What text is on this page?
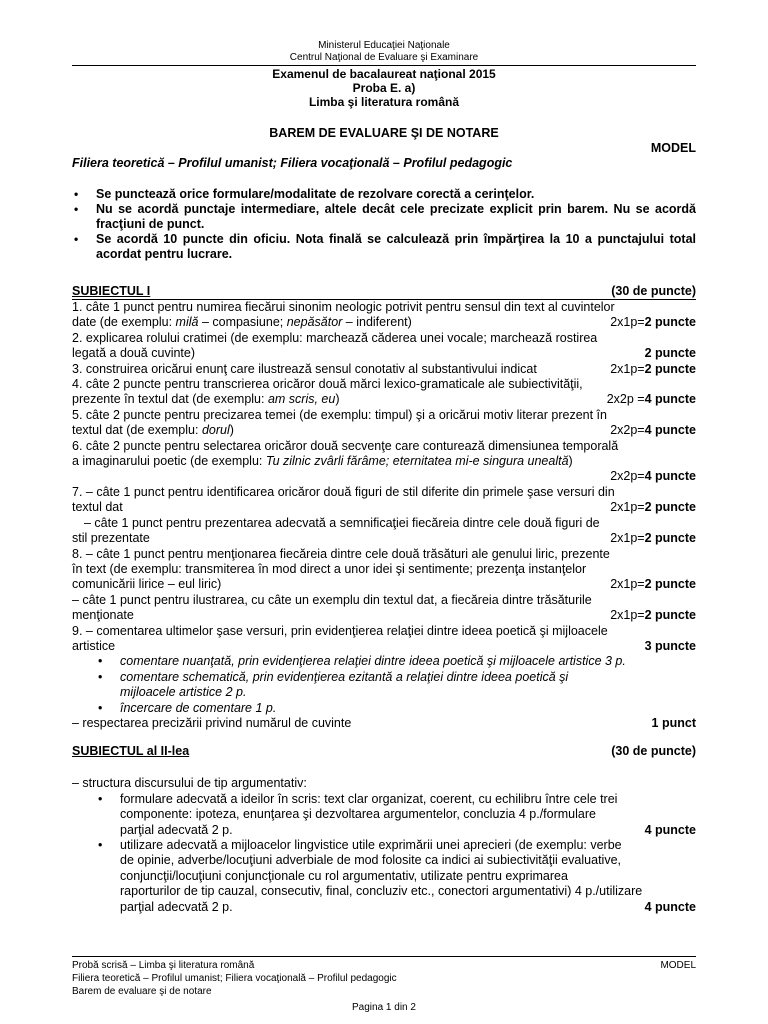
Ministerul Educaţiei Naţionale
Centrul Naţional de Evaluare şi Examinare
Examenul de bacalaureat naţional 2015
Proba E. a)
Limba şi literatura română
BAREM DE EVALUARE ŞI DE NOTARE
MODEL
Filiera teoretică – Profilul umanist; Filiera vocaţională – Profilul pedagogic
• Se punctează orice formulare/modalitate de rezolvare corectă a cerinţelor.
• Nu se acordă punctaje intermediare, altele decât cele precizate explicit prin barem. Nu se acordă fracţiuni de punct.
• Se acordă 10 puncte din oficiu. Nota finală se calculează prin împărţirea la 10 a punctajului total acordat pentru lucrare.
SUBIECTUL I	(30 de puncte)
1. câte 1 punct pentru numirea fiecărui sinonim neologic potrivit pentru sensul din text al cuvintelor
date (de exemplu: milă – compasiune; nepăsător – indiferent)	2x1p=2 puncte
2. explicarea rolului cratimei (de exemplu: marchează căderea unei vocale; marchează rostirea
legată a două cuvinte)	2 puncte
3. construirea oricărui enunţ care ilustrează sensul conotativ al substantivului indicat	2x1p=2 puncte
4. câte 2 puncte pentru transcrierea oricăror două mărci lexico-gramaticale ale subiectivităţii,
prezente în textul dat (de exemplu: am scris, eu)	2x2p =4 puncte
5. câte 2 puncte pentru precizarea temei (de exemplu: timpul) şi a oricărui motiv literar prezent în
textul dat (de exemplu: dorul)	2x2p=4 puncte
6. câte 2 puncte pentru selectarea oricăror două secvenţe care conturează dimensiunea temporală
a imaginarului poetic (de exemplu: Tu zilnic zvârli fărâme; eternitatea mi-e singura unealtă)
2x2p=4 puncte
7. – câte 1 punct pentru identificarea oricăror două figuri de stil diferite din primele şase versuri din
textul dat	2x1p=2 puncte
– câte 1 punct pentru prezentarea adecvată a semnificaţiei fiecăreia dintre cele două figuri de
stil prezentate	2x1p=2 puncte
8. – câte 1 punct pentru menţionarea fiecăreia dintre cele două trăsături ale genului liric, prezente
în text (de exemplu: transmiterea în mod direct a unor idei şi sentimente; prezenţa instanţelor
comunicării lirice – eul liric)	2x1p=2 puncte
– câte 1 punct pentru ilustrarea, cu câte un exemplu din textul dat, a fiecăreia dintre trăsăturile
menţionate	2x1p=2 puncte
9. – comentarea ultimelor şase versuri, prin evidenţierea relaţiei dintre ideea poetică şi mijloacele
artistice	3 puncte
• comentare nuanţată, prin evidenţierea relaţiei dintre ideea poetică şi mijloacele artistice 3 p.
• comentare schematică, prin evidenţierea ezitantă a relaţiei dintre ideea poetică şi
mijloacele artistice 2 p.
• încercare de comentare 1 p.
– respectarea precizării privind numărul de cuvinte	1 punct
SUBIECTUL al II-lea	(30 de puncte)
– structura discursului de tip argumentativ:
• formulare adecvată a ideilor în scris: text clar organizat, coerent, cu echilibru între cele trei
componente: ipoteza, enunţarea şi dezvoltarea argumentelor, concluzia 4 p./formulare
parţial adecvată 2 p.	4 puncte
• utilizare adecvată a mijloacelor lingvistice utile exprimării unei aprecieri (de exemplu: verbe
de opinie, adverbe/locuţiuni adverbiale de mod folosite ca indici ai subiectivităţii evaluative,
conjuncţii/locuţiuni conjuncţionale cu rol argumentativ, utilizate pentru exprimarea
raporturilor de tip cauzal, consecutiv, final, concluziv etc., conectori argumentativi) 4 p./utilizare
parţial adecvată 2 p.	4 puncte
Probă scrisă – Limba şi literatura română	MODEL
Filiera teoretică – Profilul umanist; Filiera vocaţională – Profilul pedagogic
Barem de evaluare şi de notare
Pagina 1 din 2
